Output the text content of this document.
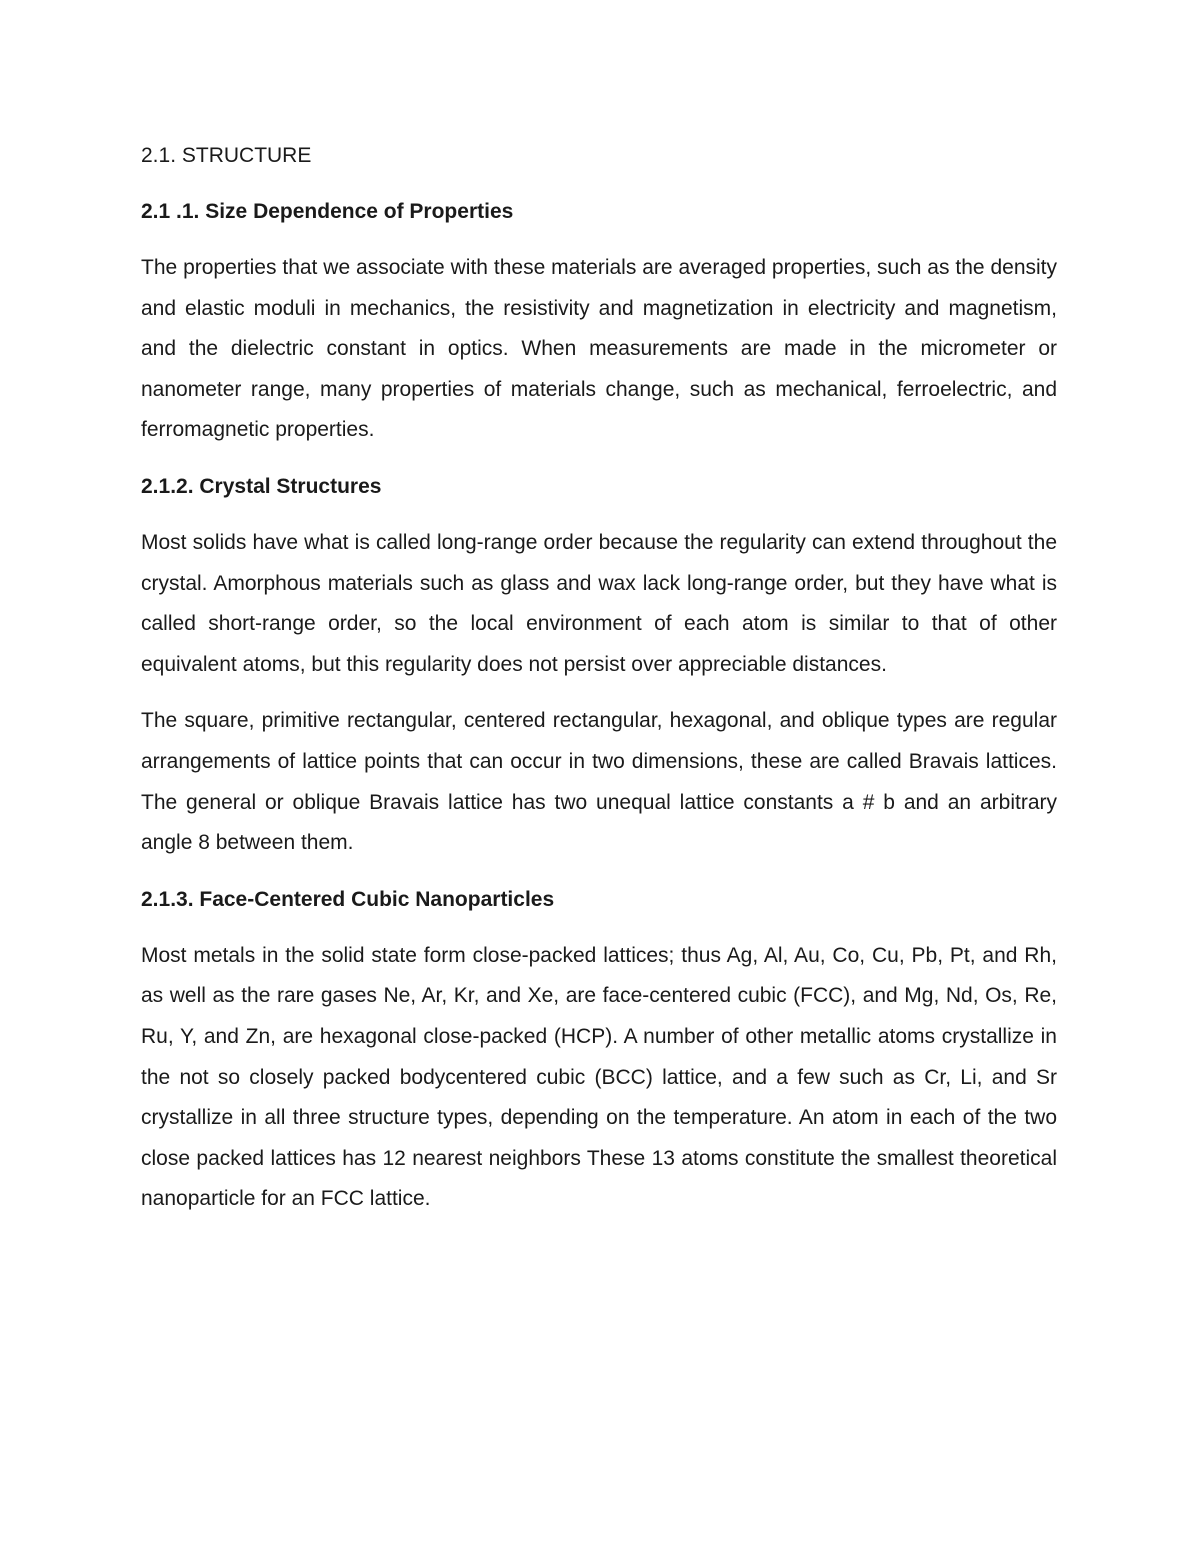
2.1. STRUCTURE
2.1 .1. Size Dependence of Properties

The properties that we associate with these materials are averaged properties, such as the density and elastic moduli in mechanics, the resistivity and magnetization in electricity and magnetism, and the dielectric constant in optics. When measurements are made in the micrometer or nanometer range, many properties of materials change, such as mechanical, ferroelectric, and ferromagnetic properties.

2.1.2. Crystal Structures

Most solids have what is called long-range order because the regularity can extend throughout the crystal. Amorphous materials such as glass and wax lack long-range order, but they have what is called short-range order, so the local environment of each atom is similar to that of other equivalent atoms, but this regularity does not persist over appreciable distances.

The square, primitive rectangular, centered rectangular, hexagonal, and oblique types are regular arrangements of lattice points that can occur in two dimensions, these are called Bravais lattices. The general or oblique Bravais lattice has two unequal lattice constants a # b and an arbitrary angle 8 between them.

2.1.3. Face-Centered Cubic Nanoparticles

Most metals in the solid state form close-packed lattices; thus Ag, Al, Au, Co, Cu, Pb, Pt, and Rh, as well as the rare gases Ne, Ar, Kr, and Xe, are face-centered cubic (FCC), and Mg, Nd, Os, Re, Ru, Y, and Zn, are hexagonal close-packed (HCP). A number of other metallic atoms crystallize in the not so closely packed bodycentered cubic (BCC) lattice, and a few such as Cr, Li, and Sr crystallize in all three structure types, depending on the temperature. An atom in each of the two close packed lattices has 12 nearest neighbors These 13 atoms constitute the smallest theoretical nanoparticle for an FCC lattice.
